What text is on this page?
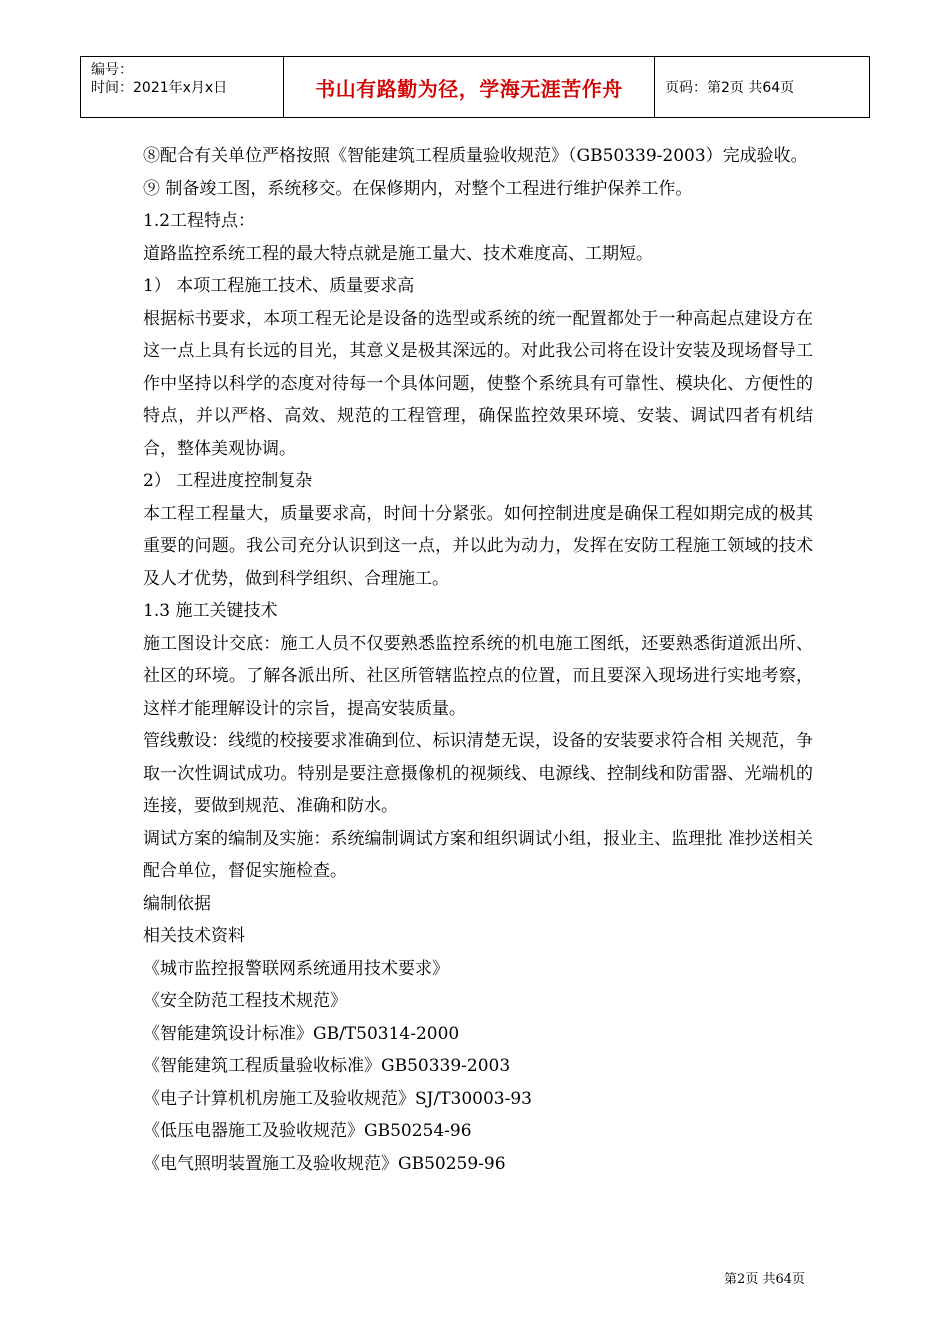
编号：
时间：2021年x月x日	书山有路勤为径，学海无涯苦作舟	页码：第2页 共64页

⑧配合有关单位严格按照《智能建筑工程质量验收规范》（GB50339-2003）完成验收。

⑨ 制备竣工图，系统移交。在保修期内，对整个工程进行维护保养工作。

1.2工程特点：

道路监控系统工程的最大特点就是施工量大、技术难度高、工期短。

1） 本项工程施工技术、质量要求高

根据标书要求，本项工程无论是设备的选型或系统的统一配置都处于一种高起点建设方在这一点上具有长远的目光，其意义是极其深远的。对此我公司将在设计安装及现场督导工作中坚持以科学的态度对待每一个具体问题，使整个系统具有可靠性、模块化、方便性的特点，并以严格、高效、规范的工程管理，确保监控效果环境、安装、调试四者有机结合，整体美观协调。

2） 工程进度控制复杂

本工程工程量大，质量要求高，时间十分紧张。如何控制进度是确保工程如期完成的极其重要的问题。我公司充分认识到这一点，并以此为动力，发挥在安防工程施工领域的技术及人才优势，做到科学组织、合理施工。

1.3 施工关键技术

施工图设计交底：施工人员不仅要熟悉监控系统的机电施工图纸，还要熟悉街道派出所、社区的环境。了解各派出所、社区所管辖监控点的位置，而且要深入现场进行实地考察，这样才能理解设计的宗旨，提高安装质量。

管线敷设：线缆的校接要求准确到位、标识清楚无误，设备的安装要求符合相 关规范，争取一次性调试成功。特别是要注意摄像机的视频线、电源线、控制线和防雷器、光端机的连接，要做到规范、准确和防水。

调试方案的编制及实施：系统编制调试方案和组织调试小组，报业主、监理批 准抄送相关配合单位，督促实施检查。

编制依据

相关技术资料

《城市监控报警联网系统通用技术要求》

《安全防范工程技术规范》

《智能建筑设计标准》GB/T50314-2000

《智能建筑工程质量验收标准》GB50339-2003

《电子计算机机房施工及验收规范》SJ/T30003-93

《低压电器施工及验收规范》GB50254-96

《电气照明装置施工及验收规范》GB50259-96

第2页 共64页
